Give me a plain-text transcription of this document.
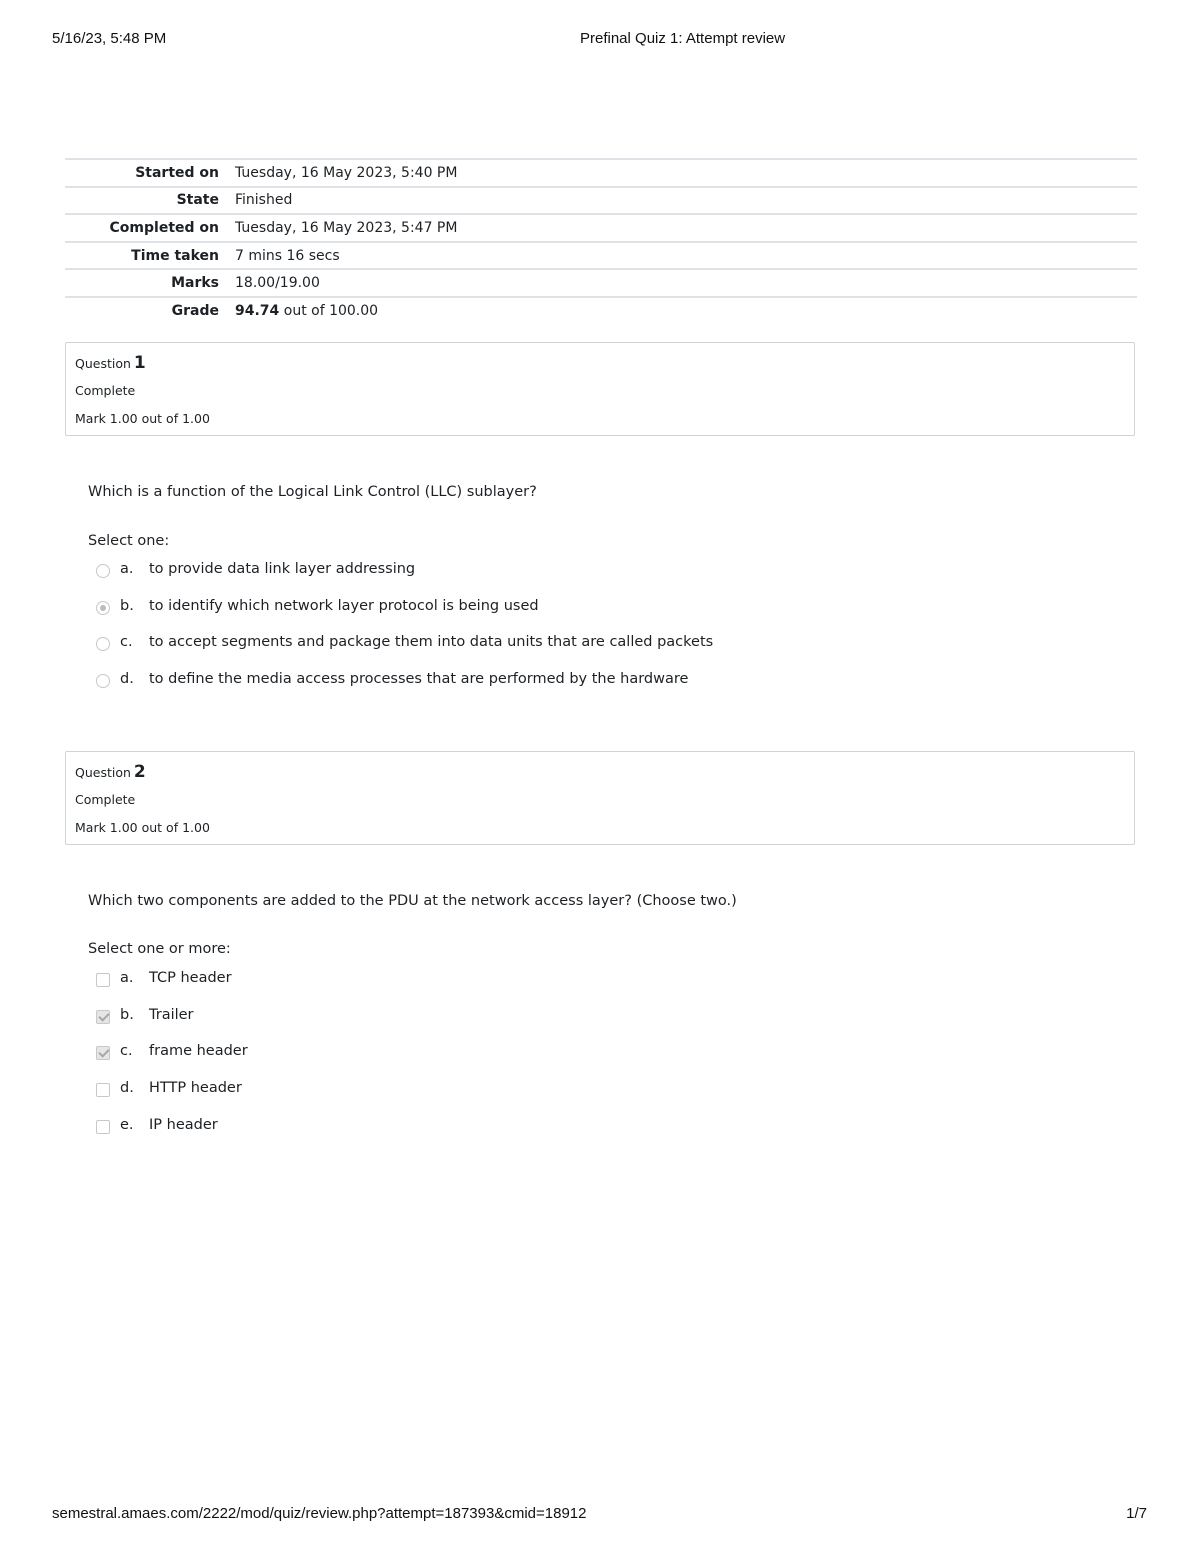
5/16/23, 5:48 PM	Prefinal Quiz 1: Attempt review
Started on	Tuesday, 16 May 2023, 5:40 PM
State	Finished
Completed on	Tuesday, 16 May 2023, 5:47 PM
Time taken	7 mins 16 secs
Marks	18.00/19.00
Grade	94.74 out of 100.00
Question 1
Complete
Mark 1.00 out of 1.00
Which is a function of the Logical Link Control (LLC) sublayer?
Select one:
a. to provide data link layer addressing
b. to identify which network layer protocol is being used
c. to accept segments and package them into data units that are called packets
d. to define the media access processes that are performed by the hardware
Question 2
Complete
Mark 1.00 out of 1.00
Which two components are added to the PDU at the network access layer? (Choose two.)
Select one or more:
a. TCP header
b. Trailer
c. frame header
d. HTTP header
e. IP header
semestral.amaes.com/2222/mod/quiz/review.php?attempt=187393&cmid=18912	1/7
